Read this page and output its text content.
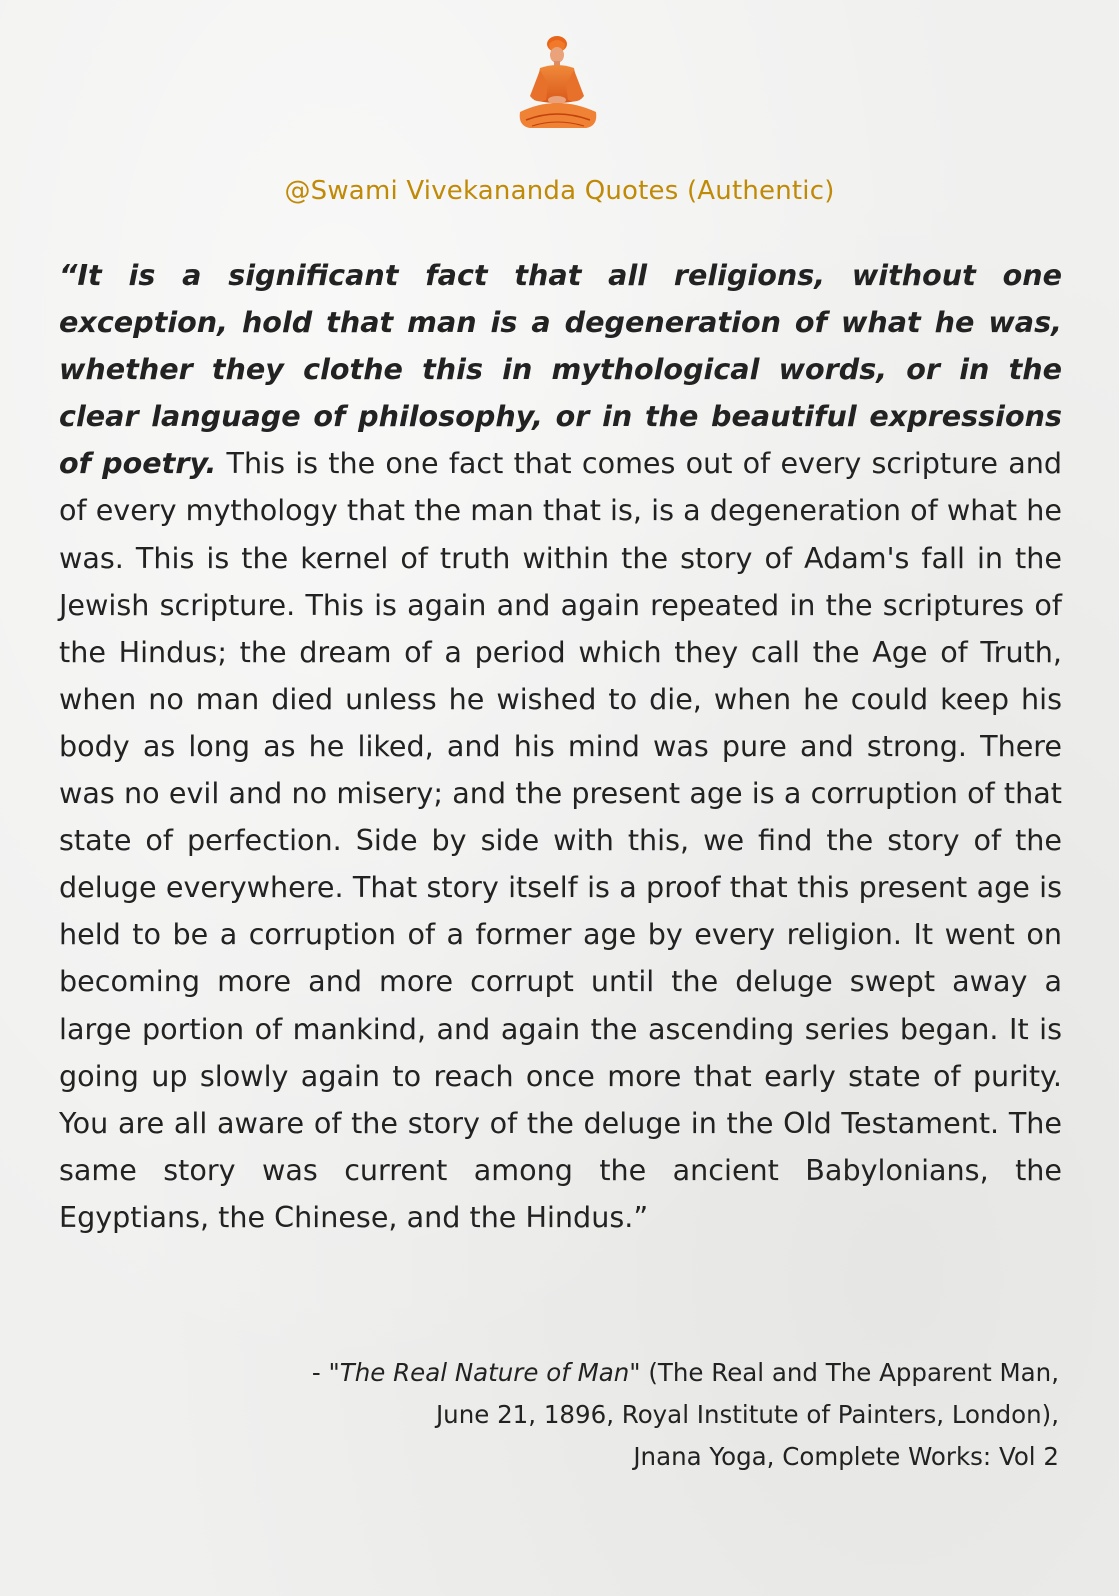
@Swami Vivekananda Quotes (Authentic)
“It is a significant fact that all religions, without one exception, hold that man is a degeneration of what he was, whether they clothe this in mythological words, or in the clear language of philosophy, or in the beautiful expressions of poetry. This is the one fact that comes out of every scripture and of every mythology that the man that is, is a degeneration of what he was. This is the kernel of truth within the story of Adam's fall in the Jewish scripture. This is again and again repeated in the scriptures of the Hindus; the dream of a period which they call the Age of Truth, when no man died unless he wished to die, when he could keep his body as long as he liked, and his mind was pure and strong. There was no evil and no misery; and the present age is a corruption of that state of perfection. Side by side with this, we find the story of the deluge everywhere. That story itself is a proof that this present age is held to be a corruption of a former age by every religion. It went on becoming more and more corrupt until the deluge swept away a large portion of mankind, and again the ascending series began. It is going up slowly again to reach once more that early state of purity. You are all aware of the story of the deluge in the Old Testament. The same story was current among the ancient Babylonians, the Egyptians, the Chinese, and the Hindus.”
- "The Real Nature of Man" (The Real and The Apparent Man,
June 21, 1896, Royal Institute of Painters, London),
Jnana Yoga, Complete Works: Vol 2
